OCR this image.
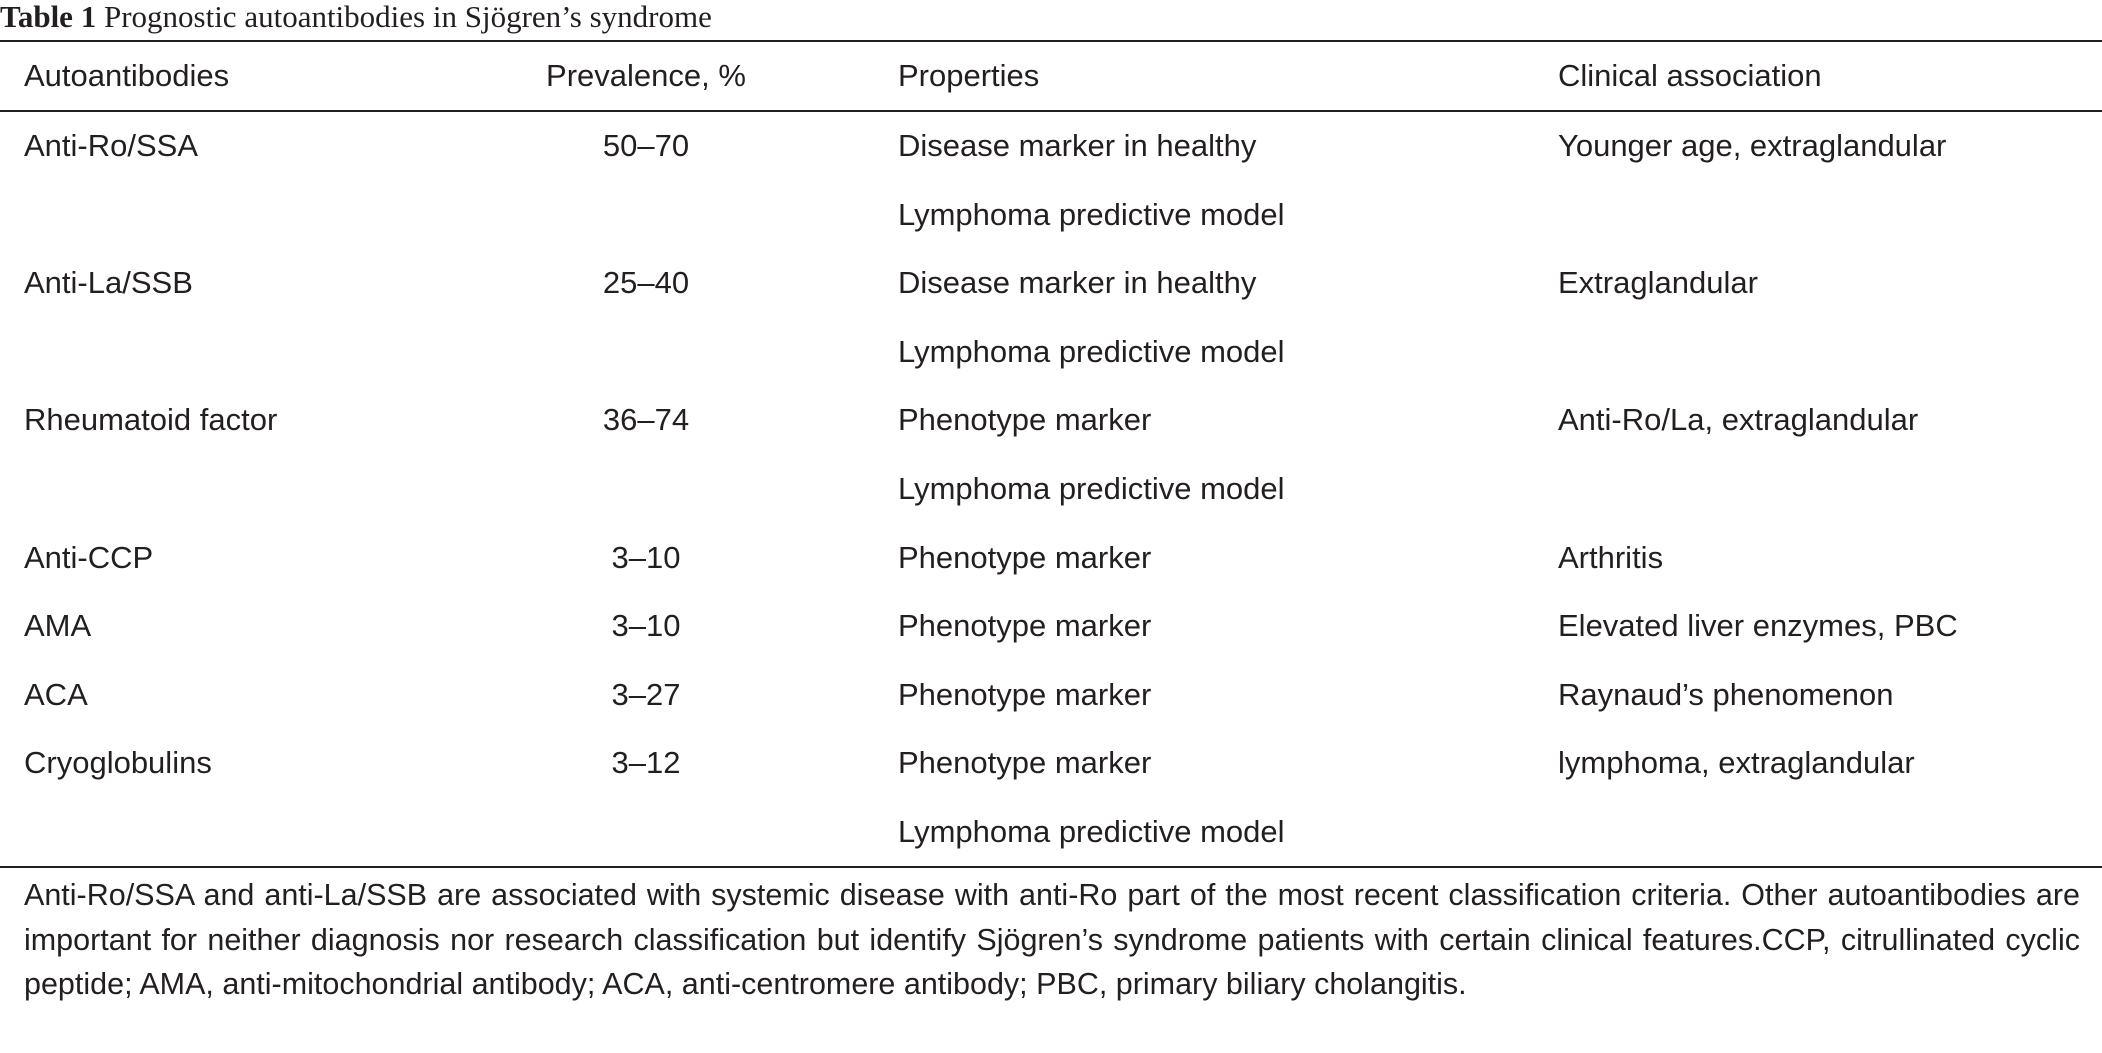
Table 1 Prognostic autoantibodies in Sjögren’s syndrome
Autoantibodies	Prevalence, %	Properties	Clinical association
Anti-Ro/SSA	50–70	Disease marker in healthy	Younger age, extraglandular
Lymphoma predictive model
Anti-La/SSB	25–40	Disease marker in healthy	Extraglandular
Lymphoma predictive model
Rheumatoid factor	36–74	Phenotype marker	Anti-Ro/La, extraglandular
Lymphoma predictive model
Anti-CCP	3–10	Phenotype marker	Arthritis
AMA	3–10	Phenotype marker	Elevated liver enzymes, PBC
ACA	3–27	Phenotype marker	Raynaud’s phenomenon
Cryoglobulins	3–12	Phenotype marker	lymphoma, extraglandular
Lymphoma predictive model
Anti-Ro/SSA and anti-La/SSB are associated with systemic disease with anti-Ro part of the most recent classification criteria. Other autoantibodies are important for neither diagnosis nor research classification but identify Sjögren’s syndrome patients with certain clinical features.CCP, citrullinated cyclic peptide; AMA, anti-mitochondrial antibody; ACA, anti-centromere antibody; PBC, primary biliary cholangitis.
